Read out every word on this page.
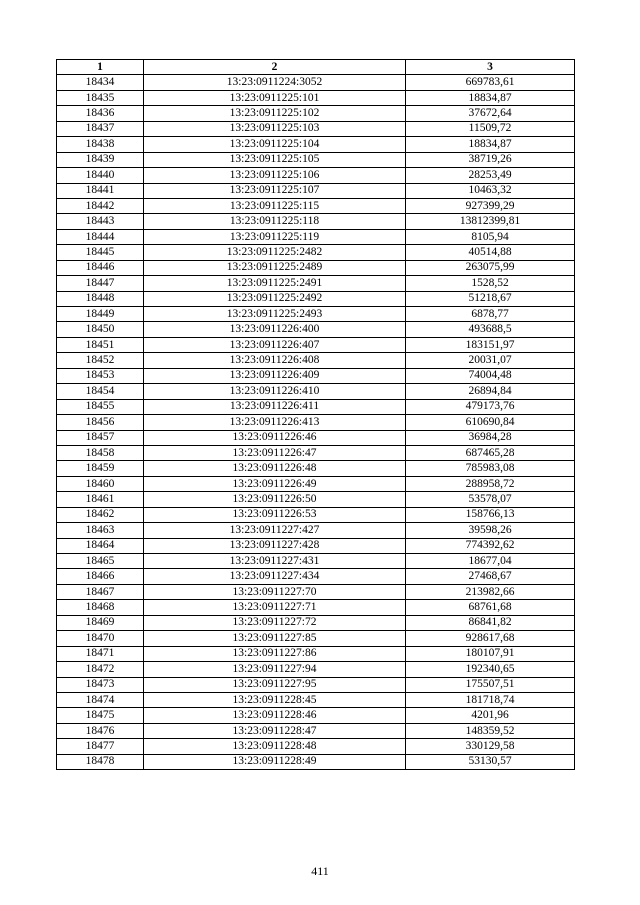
1	2	3
18434	13:23:0911224:3052	669783,61
18435	13:23:0911225:101	18834,87
18436	13:23:0911225:102	37672,64
18437	13:23:0911225:103	11509,72
18438	13:23:0911225:104	18834,87
18439	13:23:0911225:105	38719,26
18440	13:23:0911225:106	28253,49
18441	13:23:0911225:107	10463,32
18442	13:23:0911225:115	927399,29
18443	13:23:0911225:118	13812399,81
18444	13:23:0911225:119	8105,94
18445	13:23:0911225:2482	40514,88
18446	13:23:0911225:2489	263075,99
18447	13:23:0911225:2491	1528,52
18448	13:23:0911225:2492	51218,67
18449	13:23:0911225:2493	6878,77
18450	13:23:0911226:400	493688,5
18451	13:23:0911226:407	183151,97
18452	13:23:0911226:408	20031,07
18453	13:23:0911226:409	74004,48
18454	13:23:0911226:410	26894,84
18455	13:23:0911226:411	479173,76
18456	13:23:0911226:413	610690,84
18457	13:23:0911226:46	36984,28
18458	13:23:0911226:47	687465,28
18459	13:23:0911226:48	785983,08
18460	13:23:0911226:49	288958,72
18461	13:23:0911226:50	53578,07
18462	13:23:0911226:53	158766,13
18463	13:23:0911227:427	39598,26
18464	13:23:0911227:428	774392,62
18465	13:23:0911227:431	18677,04
18466	13:23:0911227:434	27468,67
18467	13:23:0911227:70	213982,66
18468	13:23:0911227:71	68761,68
18469	13:23:0911227:72	86841,82
18470	13:23:0911227:85	928617,68
18471	13:23:0911227:86	180107,91
18472	13:23:0911227:94	192340,65
18473	13:23:0911227:95	175507,51
18474	13:23:0911228:45	181718,74
18475	13:23:0911228:46	4201,96
18476	13:23:0911228:47	148359,52
18477	13:23:0911228:48	330129,58
18478	13:23:0911228:49	53130,57
411
